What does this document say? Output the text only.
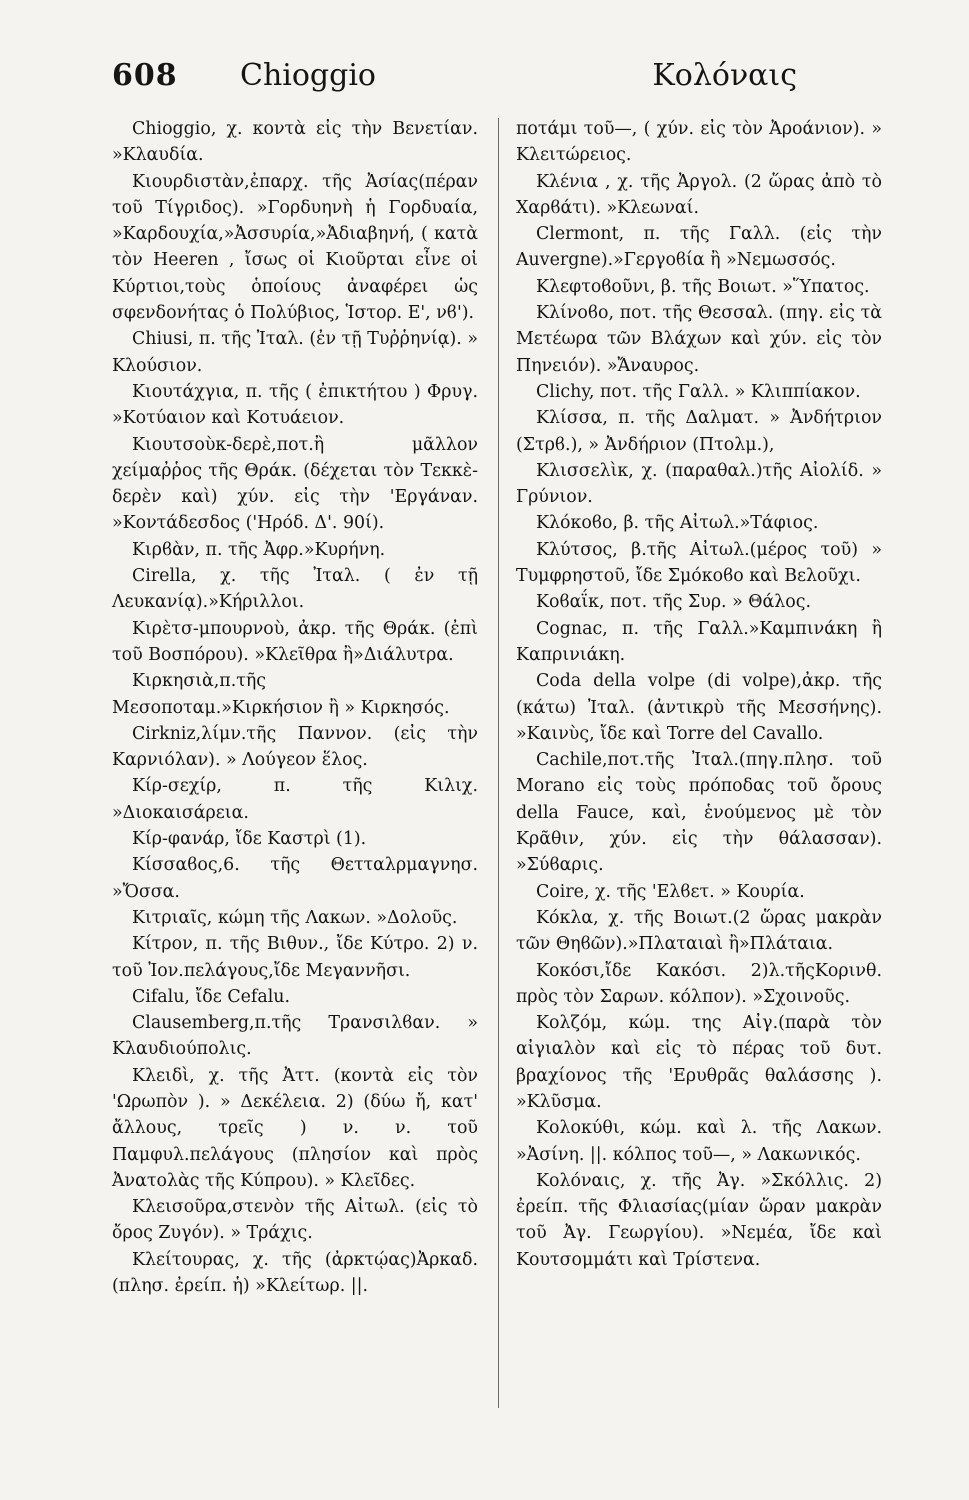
608 Chioggio	Κολόναις

Chioggio, χ. κοντὰ εἰς τὴν Βενετίαν. »Κλαυδία.

Κιουρδιστὰν,ἐπαρχ. τῆς Ἀσίας(πέραν τοῦ Τίγριδος). »Γορδυηνὴ ἡ Γορδυαία, »Καρδουχία,»Ἀσσυρία,»Ἀδιαβηνή, ( κατὰ τὸν Heeren , ἴσως οἱ Κιοῦρται εἶνε οἱ Κύρτιοι,τοὺς ὁποίους ἀναφέρει ὡς σφενδονήτας ὁ Πολύβιος, Ἱστορ. Ε', νϐ').

Chiusi, π. τῆς Ἰταλ. (ἐν τῇ Τυῤῥηνίᾳ). » Κλούσιον.

Κιουτάχγια, π. τῆς ( ἐπικτήτου ) Φρυγ. »Κοτύαιον καὶ Κοτυάειον.

Κιουτσοὺκ-δερὲ,ποτ.ἢ μᾶλλον χείμαῤῥος τῆς Θράκ. (δέχεται τὸν Τεκκὲ-δερὲν καὶ) χύν. εἰς τὴν 'Εργάναν. »Κοντάδεσδος ('Ηρόδ. Δ'. 90ί).

Κιρϐὰν, π. τῆς Ἀφρ.»Κυρήνη.

Cirella, χ. τῆς Ἰταλ. ( ἐν τῇ Λευκανίᾳ).»Κήριλλοι.

Κιρὲτσ-μπουρνοὺ, ἀκρ. τῆς Θράκ. (ἐπὶ τοῦ Βοσπόρου). »Κλεῖθρα ἢ»Διάλυτρα.

Κιρκησιὰ,π.τῆς Μεσοποταμ.»Κιρκήσιον ἢ » Κιρκησός.

Cirkniz,λίμν.τῆς Παννον. (εἰς τὴν Καρνιόλαν). » Λούγεον ἕλος.

Κίρ-σεχίρ, π. τῆς Κιλιχ. »Διοκαισάρεια.

Κίρ-φανάρ, ἴδε Καστρὶ (1).

Κίσσαϐος,6. τῆς Θετταλρμαγνησ. »Ὄσσα.

Κιτριαῖς, κώμη τῆς Λακων. »Δολοῦς.

Κίτρον, π. τῆς Βιθυν., ἴδε Κύτρο. 2) ν. τοῦ Ἰον.πελάγους,ἴδε Μεγαννῆσι.

Cifalu, ἴδε Cefalu.

Clausemberg,π.τῆς Τρανσιλϐαν. » Κλαυδιούπολις.

Κλειδὶ, χ. τῆς Ἀττ. (κοντὰ εἰς τὸν 'Ωρωπὸν ). » Δεκέλεια. 2) (δύω ἤ, κατ' ἄλλους, τρεῖς ) ν. ν. τοῦ Παμφυλ.πελάγους (πλησίον καὶ πρὸς Ἀνατολὰς τῆς Κύπρου). » Κλεῖδες.

Κλεισοῦρα,στενὸν τῆς Αἰτωλ. (εἰς τὸ ὄρος Ζυγόν). » Τράχις.

Κλείτουρας, χ. τῆς (ἀρκτῴας)Ἀρκαδ. (πλησ. ἐρείπ. ἡ) »Κλείτωρ. ||.

ποτάμι τοῦ—, ( χύν. εἰς τὸν Ἀροάνιον). » Κλειτώρειος.

Κλένια , χ. τῆς Ἀργολ. (2 ὥρας ἀπὸ τὸ Χαρϐάτι). »Κλεωναί.

Clermont, π. τῆς Γαλλ. (εἰς τὴν Auvergne).»Γεργοϐία ἢ »Νεμωσσός.

Κλεφτοϐοῦνι, β. τῆς Βοιωτ. »Ὕπατος.

Κλίνοϐο, ποτ. τῆς Θεσσαλ. (πηγ. εἰς τὰ Μετέωρα τῶν Βλάχων καὶ χύν. εἰς τὸν Πηνειόν). »Ἄναυρος.

Clichy, ποτ. τῆς Γαλλ. » Κλιππίακον.

Κλίσσα, π. τῆς Δαλματ. » Ἀνδήτριον (Στρϐ.), » Ἀνδήριον (Πτολμ.),

Κλισσελὶκ, χ. (παραθαλ.)τῆς Αἰολίδ. » Γρύνιον.

Κλόκοϐο, β. τῆς Αἰτωλ.»Τάφιος.

Κλύτσος, β.τῆς Αἰτωλ.(μέρος τοῦ) » Τυμφρηστοῦ, ἴδε Σμόκοϐο καὶ Βελοῦχι.

Κοϐαΐκ, ποτ. τῆς Συρ. » Θάλος.

Cognac, π. τῆς Γαλλ.»Καμπινάκη ἢ Καπρινιάκη.

Coda della volpe (di volpe),ἀκρ. τῆς (κάτω) Ἰταλ. (ἀντικρὺ τῆς Μεσσήνης). »Καινὺς, ἴδε καὶ Torre del Cavallo.

Cachile,ποτ.τῆς Ἰταλ.(πηγ.πλησ. τοῦ Morano εἰς τοὺς πρόποδας τοῦ ὄρους della Fauce, καὶ, ἑνούμενος μὲ τὸν Κρᾶθιν, χύν. εἰς τὴν θάλασσαν). »Σύϐαρις.

Coire, χ. τῆς 'Ελϐετ. » Κουρία.

Κόκλα, χ. τῆς Βοιωτ.(2 ὥρας μακρὰν τῶν Θηϐῶν).»Πλαταιαὶ ἢ»Πλάταια.

Κοκόσι,ἴδε Κακόσι. 2)λ.τῆςΚορινθ. πρὸς τὸν Σαρων. κόλπον). »Σχοινοῦς.

Κολζόμ, κώμ. της Αἰγ.(παρὰ τὸν αἰγιαλὸν καὶ εἰς τὸ πέρας τοῦ δυτ. βραχίονος τῆς 'Ερυθρᾶς θαλάσσης ). »Κλῦσμα.

Κολοκύθι, κώμ. καὶ λ. τῆς Λακων. »Ἀσίνη. ||. κόλπος τοῦ—, » Λακωνικός.

Κολόναις, χ. τῆς Ἀγ. »Σκόλλις. 2) ἐρείπ. τῆς Φλιασίας(μίαν ὥραν μακρὰν τοῦ Ἀγ. Γεωργίου). »Νεμέα, ἴδε καὶ Κουτσομμάτι καὶ Τρίστενα.
